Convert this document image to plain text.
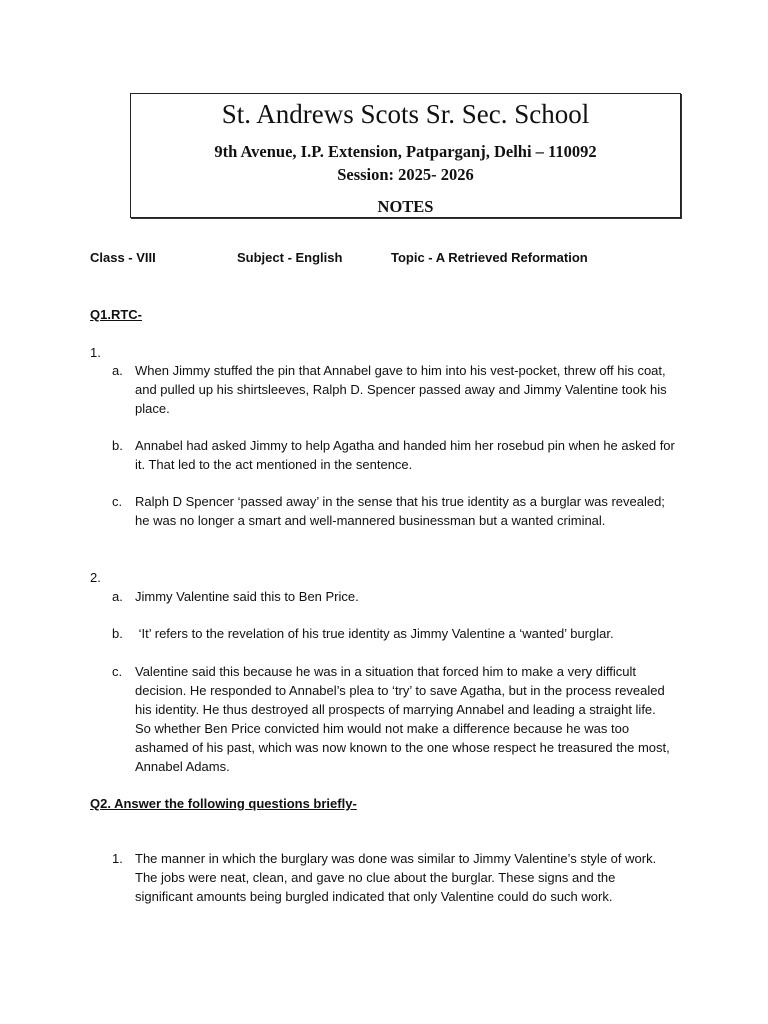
St. Andrews Scots Sr. Sec. School
9th Avenue, I.P. Extension, Patparganj, Delhi – 110092
Session: 2025- 2026
NOTES
Class - VIII	Subject - English	Topic - A Retrieved Reformation
Q1.RTC-
1.
a. When Jimmy stuffed the pin that Annabel gave to him into his vest-pocket, threw off his coat, and pulled up his shirtsleeves, Ralph D. Spencer passed away and Jimmy Valentine took his place.
b. Annabel had asked Jimmy to help Agatha and handed him her rosebud pin when he asked for it. That led to the act mentioned in the sentence.
c. Ralph D Spencer ‘passed away’ in the sense that his true identity as a burglar was revealed; he was no longer a smart and well-mannered businessman but a wanted criminal.
2.
a. Jimmy Valentine said this to Ben Price.
b. ‘It’ refers to the revelation of his true identity as Jimmy Valentine a ‘wanted’ burglar.
c. Valentine said this because he was in a situation that forced him to make a very difficult decision. He responded to Annabel’s plea to ‘try’ to save Agatha, but in the process revealed his identity. He thus destroyed all prospects of marrying Annabel and leading a straight life. So whether Ben Price convicted him would not make a difference because he was too ashamed of his past, which was now known to the one whose respect he treasured the most, Annabel Adams.
Q2. Answer the following questions briefly-
1. The manner in which the burglary was done was similar to Jimmy Valentine’s style of work. The jobs were neat, clean, and gave no clue about the burglar. These signs and the significant amounts being burgled indicated that only Valentine could do such work.
